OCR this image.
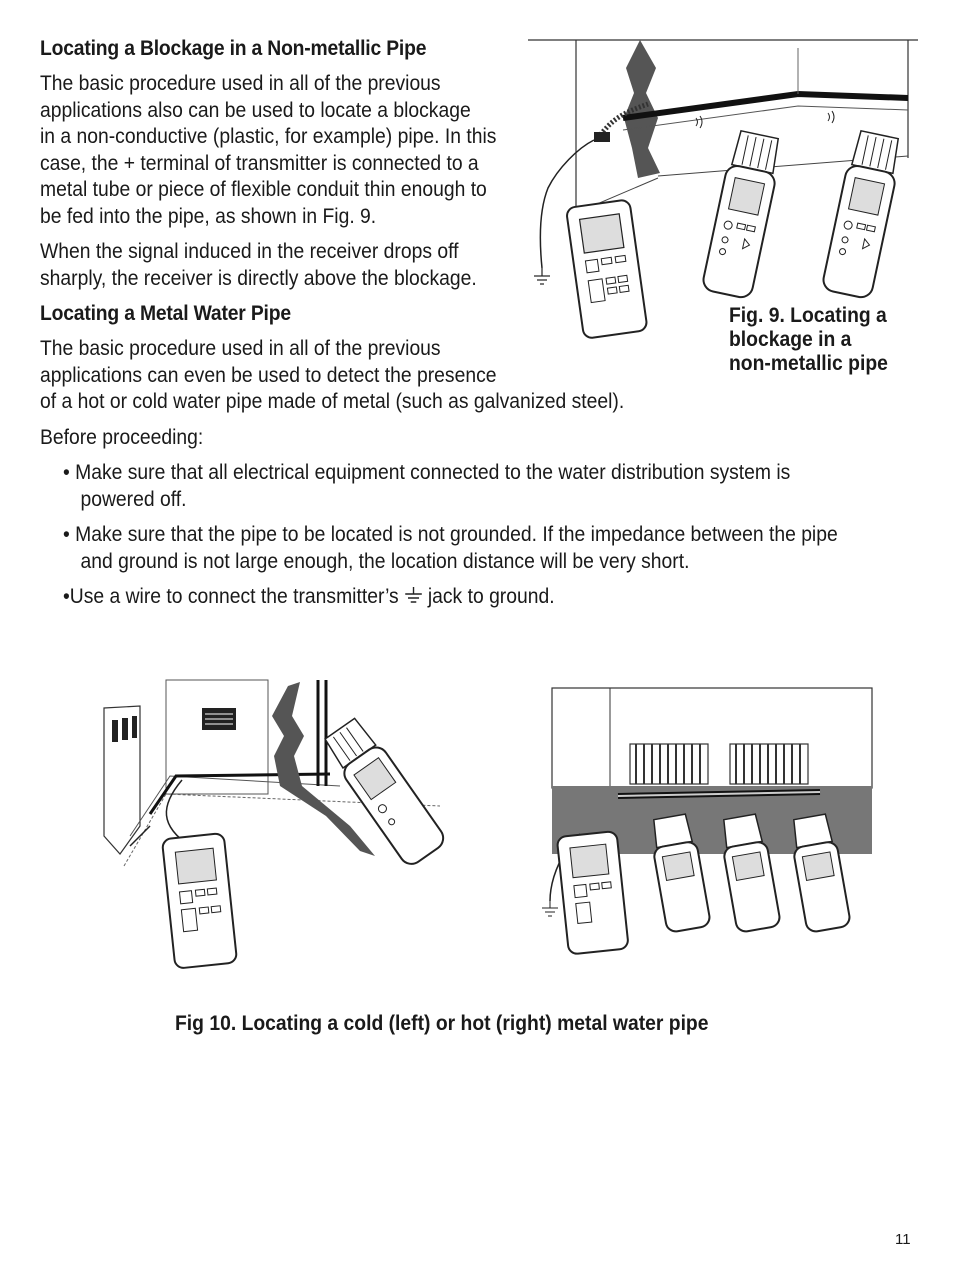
Locating a Blockage in a Non-metallic Pipe
The basic procedure used in all of the previous
applications also can be used to locate a blockage
in a non-conductive (plastic, for example) pipe. In this
case, the + terminal of transmitter is connected to a
metal tube or piece of flexible conduit thin enough to
be fed into the pipe, as shown in Fig. 9.
When the signal induced in the receiver drops off
sharply, the receiver is directly above the blockage.
Locating a Metal Water Pipe
The basic procedure used in all of the previous
applications can even be used to detect the presence
of a hot or cold water pipe made of metal (such as galvanized steel).
Before proceeding:
• Make sure that all electrical equipment connected to the water distribution system is
powered off.
• Make sure that the pipe to be located is not grounded. If the impedance between the pipe
and ground is not large enough, the location distance will be very short.
•Use a wire to connect the transmitter’s  jack to ground.
Fig. 9. Locating a
blockage in a
non-metallic pipe
Fig 10. Locating a cold (left) or hot (right) metal water pipe
11
